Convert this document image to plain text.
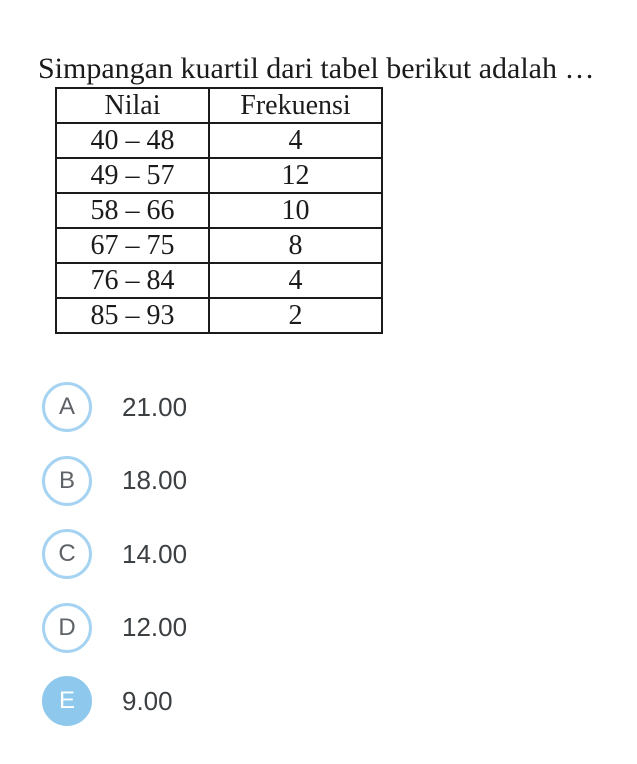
Simpangan kuartil dari tabel berikut adalah …
Nilai	Frekuensi
40 – 48	4
49 – 57	12
58 – 66	10
67 – 75	8
76 – 84	4
85 – 93	2
A 21.00
B 18.00
C 14.00
D 12.00
E 9.00
